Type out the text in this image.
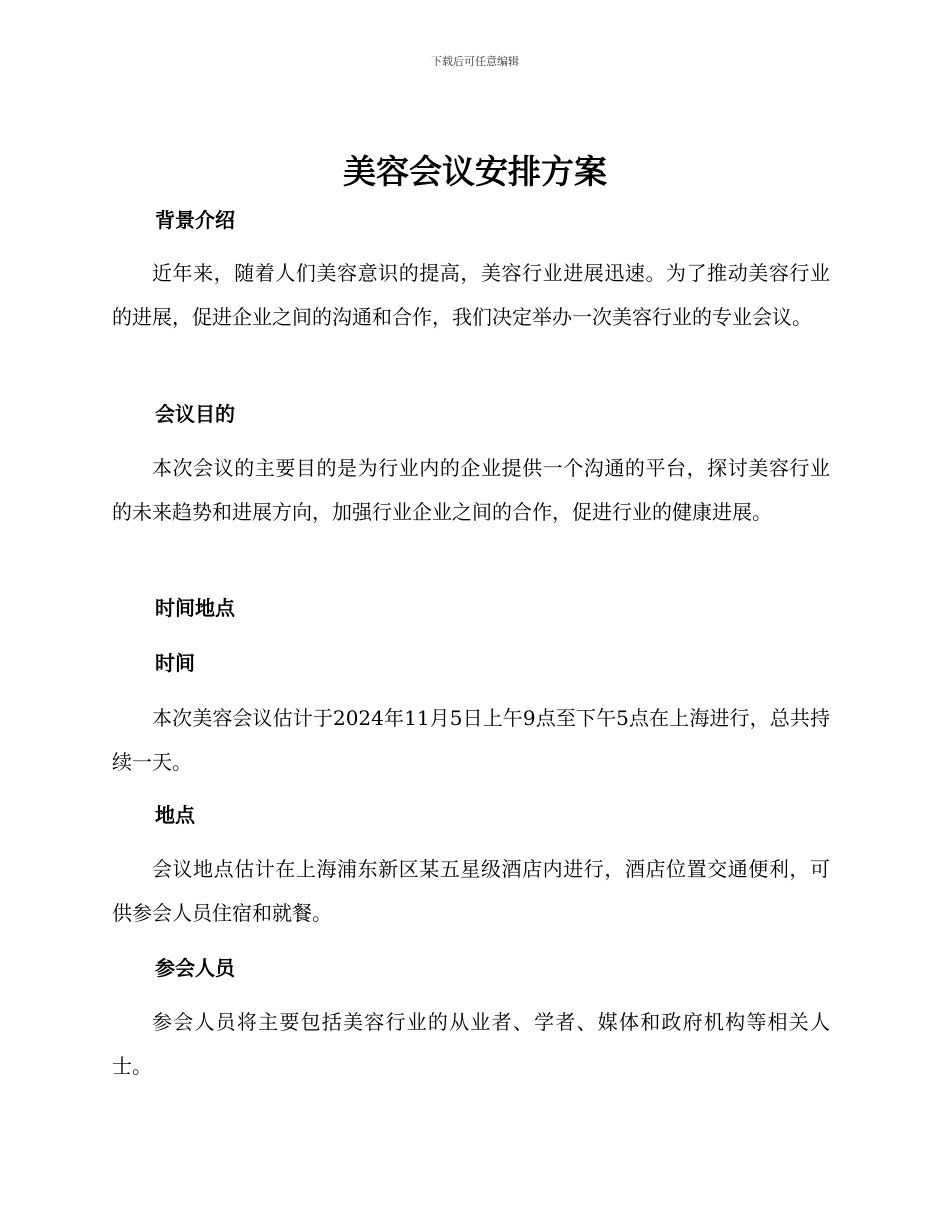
下载后可任意编辑
美容会议安排方案
背景介绍

近年来，随着人们美容意识的提高，美容行业进展迅速。为了推动美容行业的进展，促进企业之间的沟通和合作，我们决定举办一次美容行业的专业会议。

会议目的

本次会议的主要目的是为行业内的企业提供一个沟通的平台，探讨美容行业的未来趋势和进展方向，加强行业企业之间的合作，促进行业的健康进展。

时间地点
时间

本次美容会议估计于2024年11月5日上午9点至下午5点在上海进行，总共持续一天。

地点

会议地点估计在上海浦东新区某五星级酒店内进行，酒店位置交通便利，可供参会人员住宿和就餐。

参会人员

参会人员将主要包括美容行业的从业者、学者、媒体和政府机构等相关人士。
